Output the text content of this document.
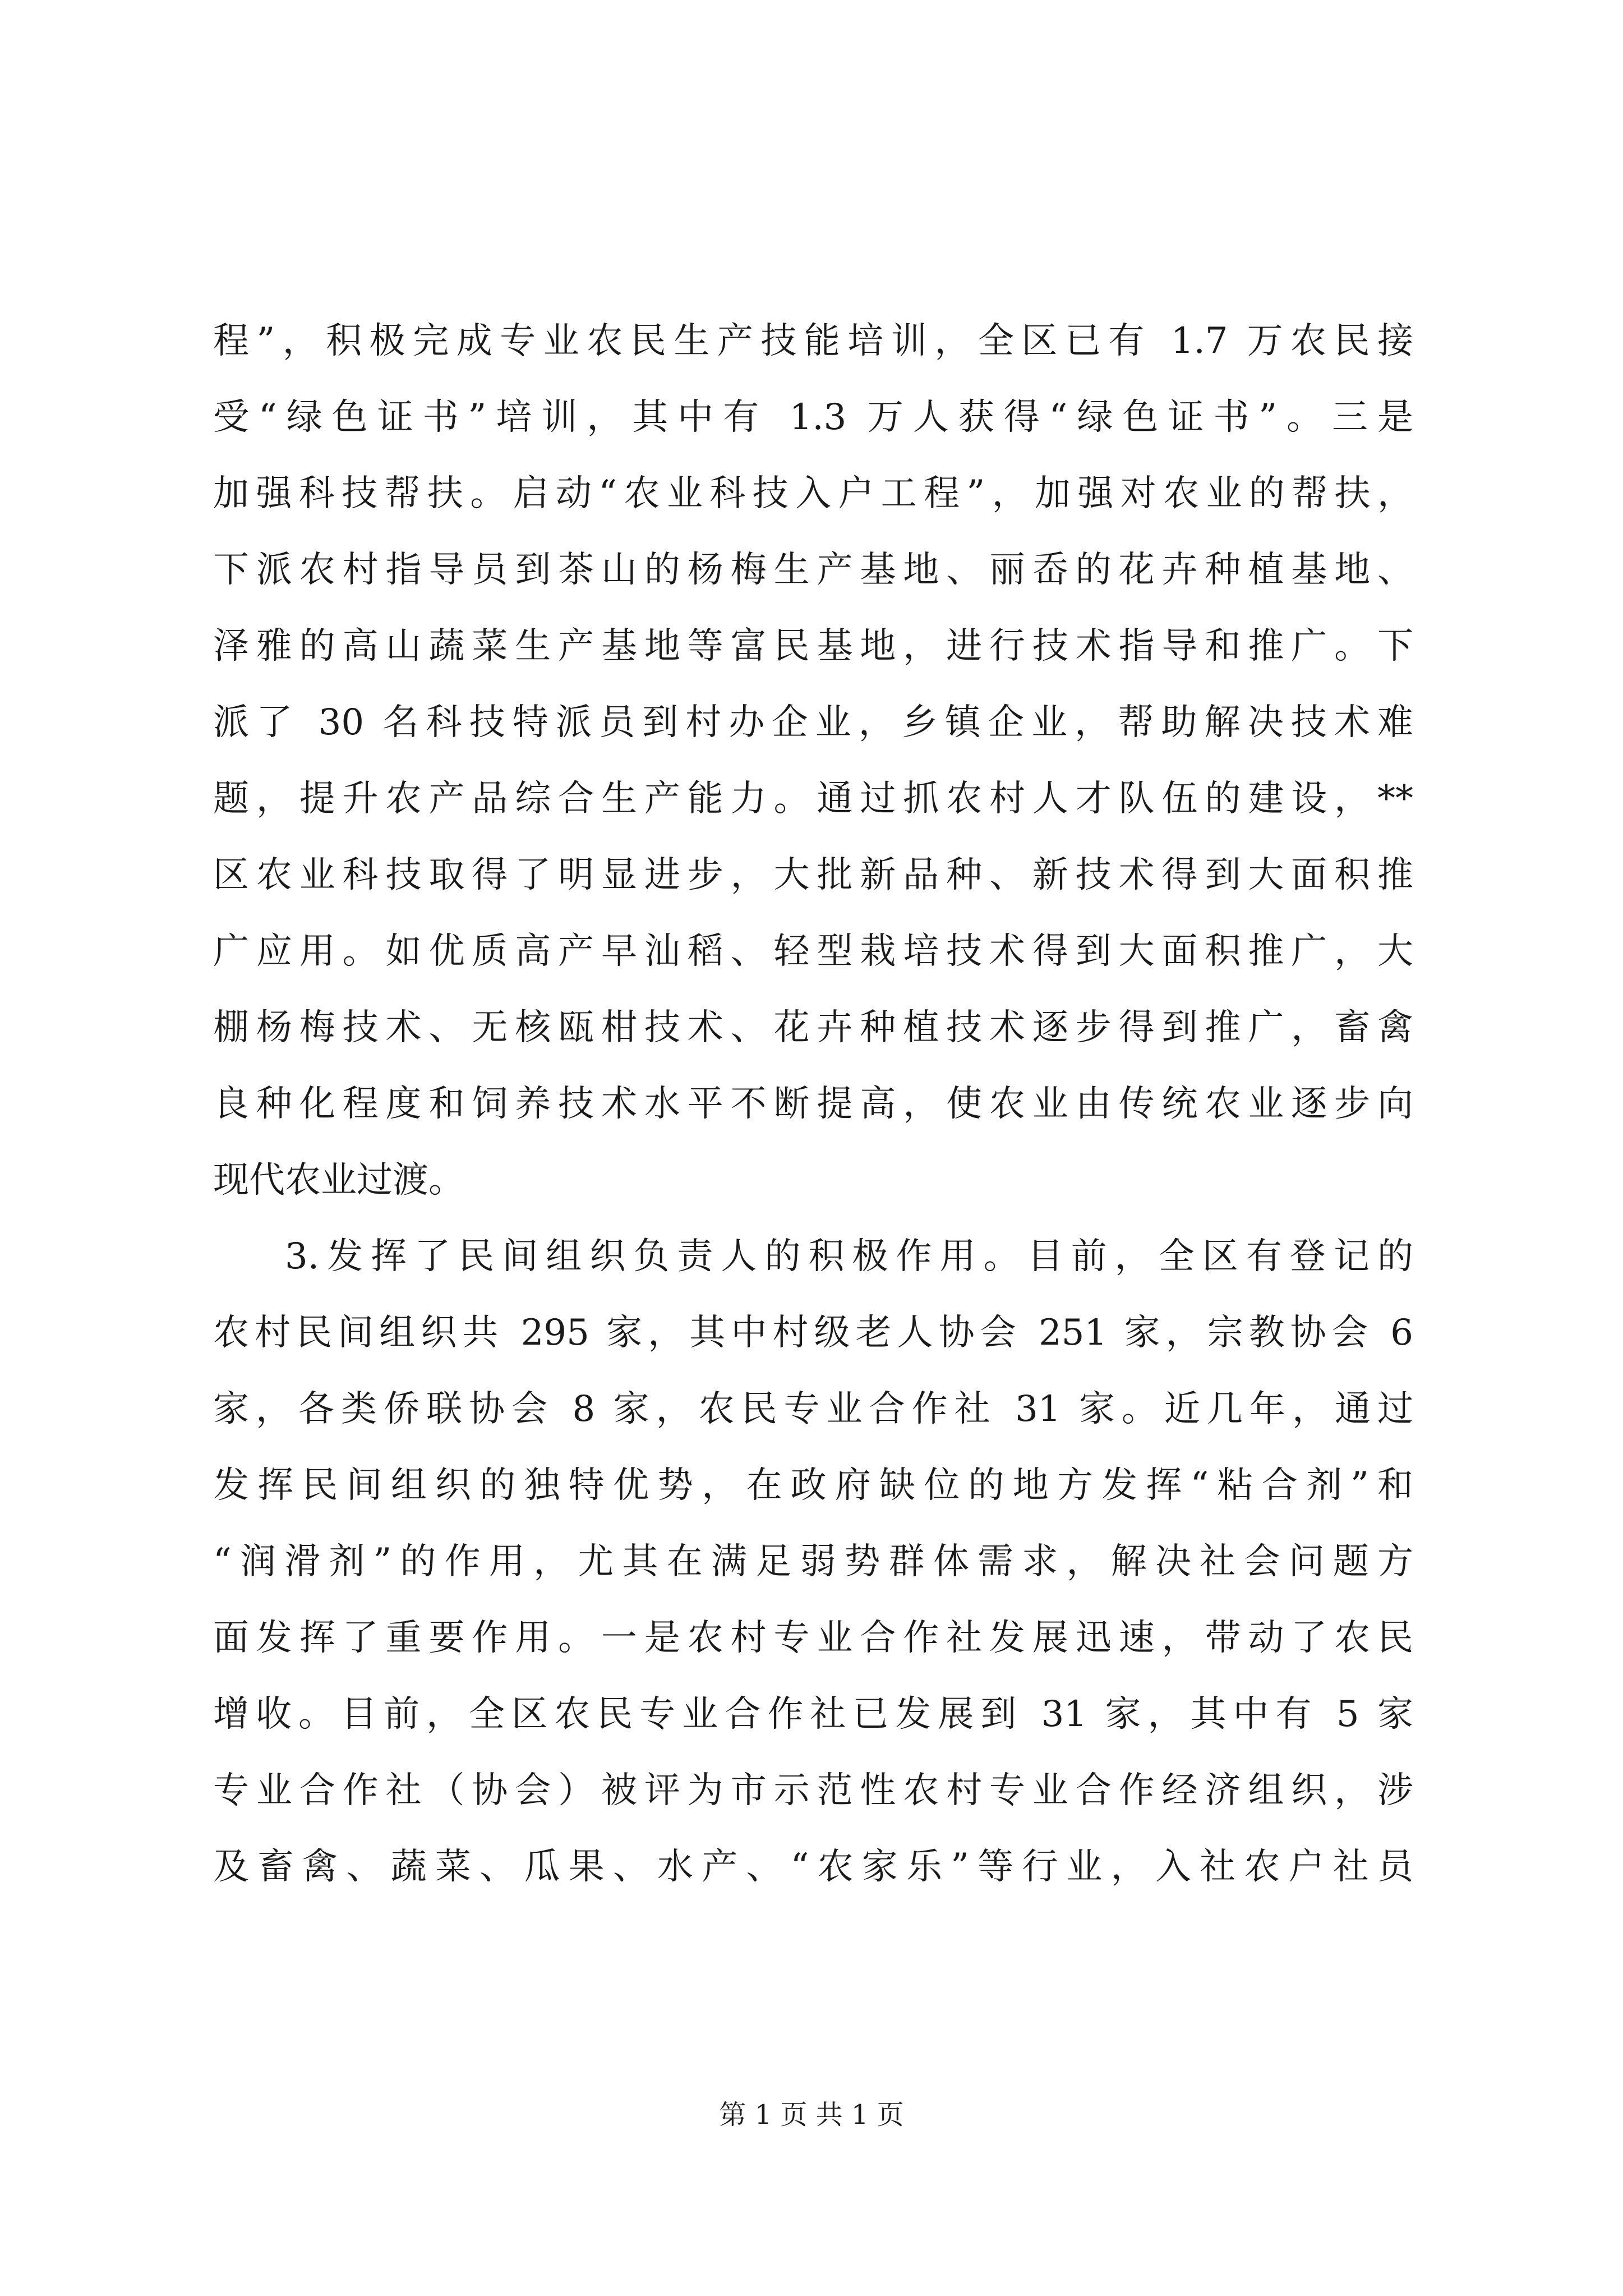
程”，积极完成专业农民生产技能培训，全区已有 1.7 万农民接
受“绿色证书”培训，其中有 1.3 万人获得“绿色证书”。三是
加强科技帮扶。启动“农业科技入户工程”，加强对农业的帮扶，
下派农村指导员到茶山的杨梅生产基地、丽岙的花卉种植基地、
泽雅的高山蔬菜生产基地等富民基地，进行技术指导和推广。下
派了 30 名科技特派员到村办企业，乡镇企业，帮助解决技术难
题，提升农产品综合生产能力。通过抓农村人才队伍的建设，**
区农业科技取得了明显进步，大批新品种、新技术得到大面积推
广应用。如优质高产早汕稻、轻型栽培技术得到大面积推广，大
棚杨梅技术、无核瓯柑技术、花卉种植技术逐步得到推广，畜禽
良种化程度和饲养技术水平不断提高，使农业由传统农业逐步向
现代农业过渡。
3.发挥了民间组织负责人的积极作用。目前，全区有登记的
农村民间组织共 295 家，其中村级老人协会 251 家，宗教协会 6
家，各类侨联协会 8 家，农民专业合作社 31 家。近几年，通过
发挥民间组织的独特优势，在政府缺位的地方发挥“粘合剂”和
“润滑剂”的作用，尤其在满足弱势群体需求，解决社会问题方
面发挥了重要作用。一是农村专业合作社发展迅速，带动了农民
增收。目前，全区农民专业合作社已发展到 31 家，其中有 5 家
专业合作社（协会）被评为市示范性农村专业合作经济组织，涉
及畜禽、蔬菜、瓜果、水产、“农家乐”等行业，入社农户社员
第 1 页 共 1 页
